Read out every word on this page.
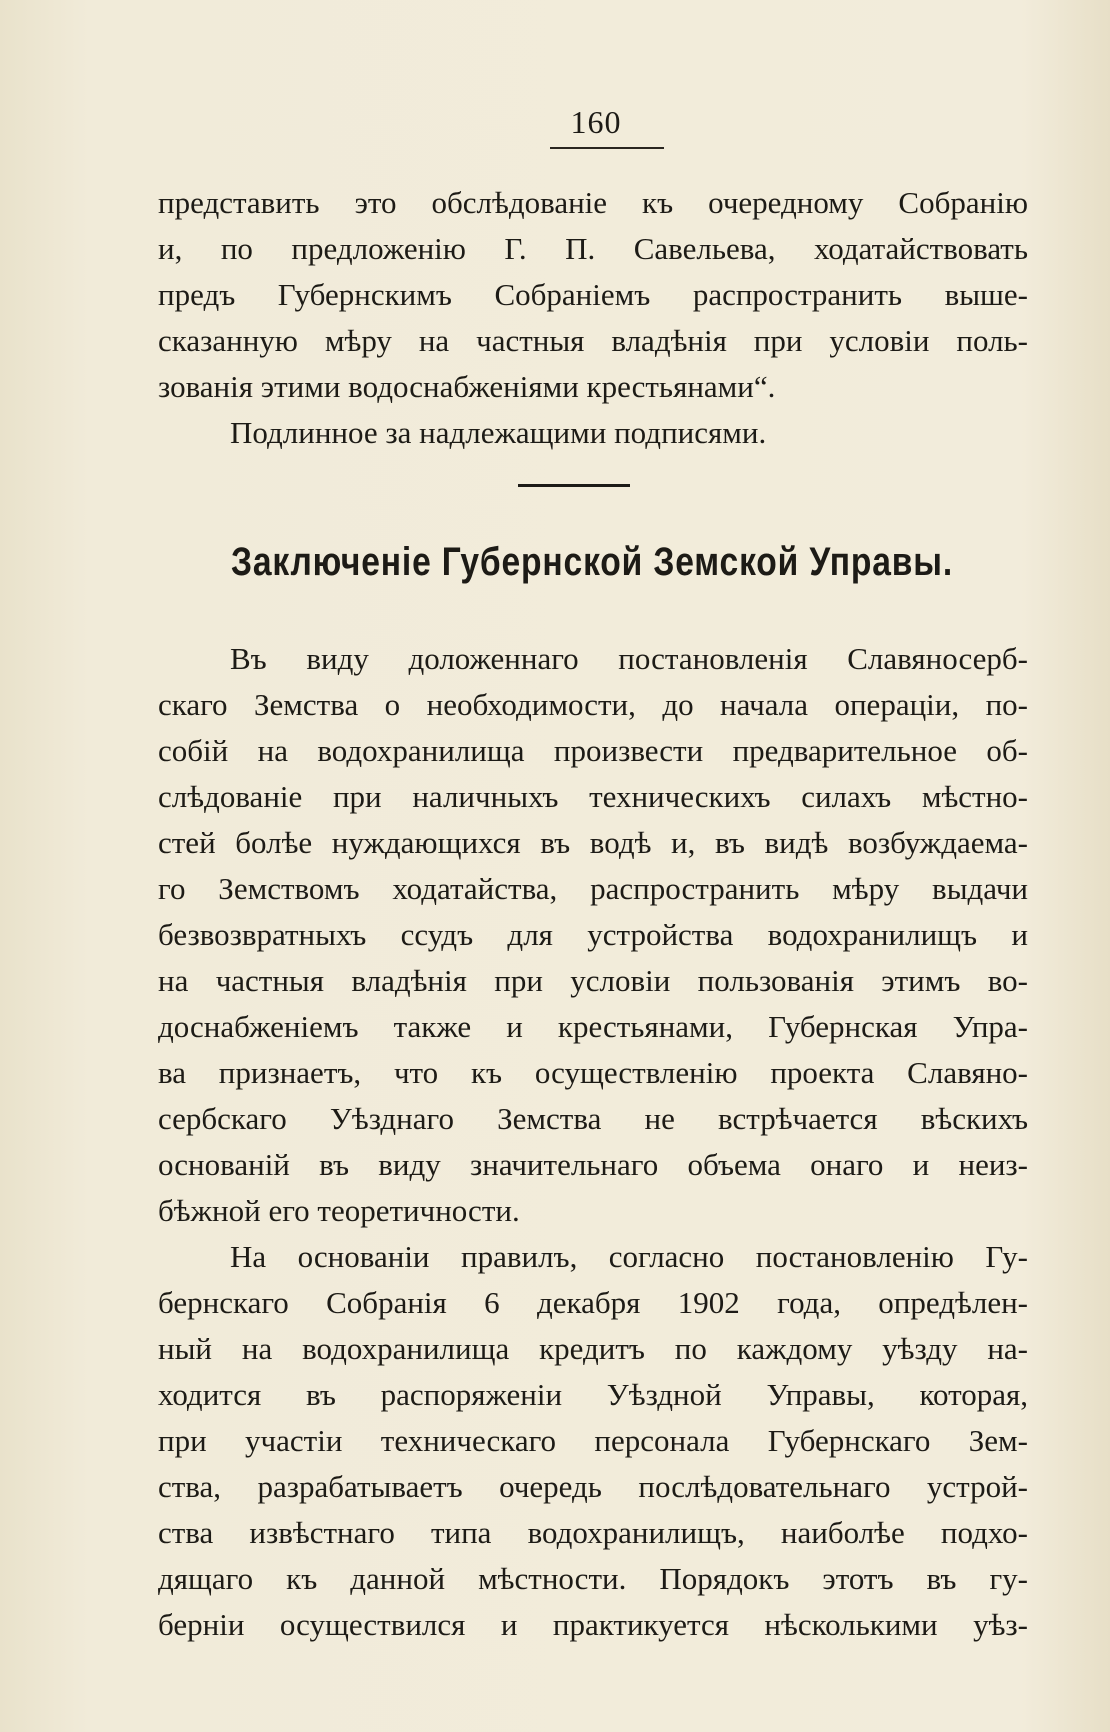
160
представить это обслѣдованіе къ очередному Собранію
и, по предложенію Г. П. Савельева, ходатайствовать
предъ Губернскимъ Собраніемъ распространить выше-
сказанную мѣру на частныя владѣнія при условіи поль-
зованія этими водоснабженіями крестьянами“.
Подлинное за надлежащими подписями.
Заключеніе Губернской Земской Управы.
Въ виду доложеннаго постановленія Славяносерб-
скаго Земства о необходимости, до начала операціи, по-
собій на водохранилища произвести предварительное об-
слѣдованіе при наличныхъ техническихъ силахъ мѣстно-
стей болѣе нуждающихся въ водѣ и, въ видѣ возбуждаема-
го Земствомъ ходатайства, распространить мѣру выдачи
безвозвратныхъ ссудъ для устройства водохранилищъ и
на частныя владѣнія при условіи пользованія этимъ во-
доснабженіемъ также и крестьянами, Губернская Упра-
ва признаетъ, что къ осуществленію проекта Славяно-
сербскаго Уѣзднаго Земства не встрѣчается вѣскихъ
основаній въ виду значительнаго объема онаго и неиз-
бѣжной его теоретичности.
На основаніи правилъ, согласно постановленію Гу-
бернскаго Собранія 6 декабря 1902 года, опредѣлен-
ный на водохранилища кредитъ по каждому уѣзду на-
ходится въ распоряженіи Уѣздной Управы, которая,
при участіи техническаго персонала Губернскаго Зем-
ства, разрабатываетъ очередь послѣдовательнаго устрой-
ства извѣстнаго типа водохранилищъ, наиболѣе подхо-
дящаго къ данной мѣстности. Порядокъ этотъ въ гу-
берніи осуществился и практикуется нѣсколькими уѣз-
